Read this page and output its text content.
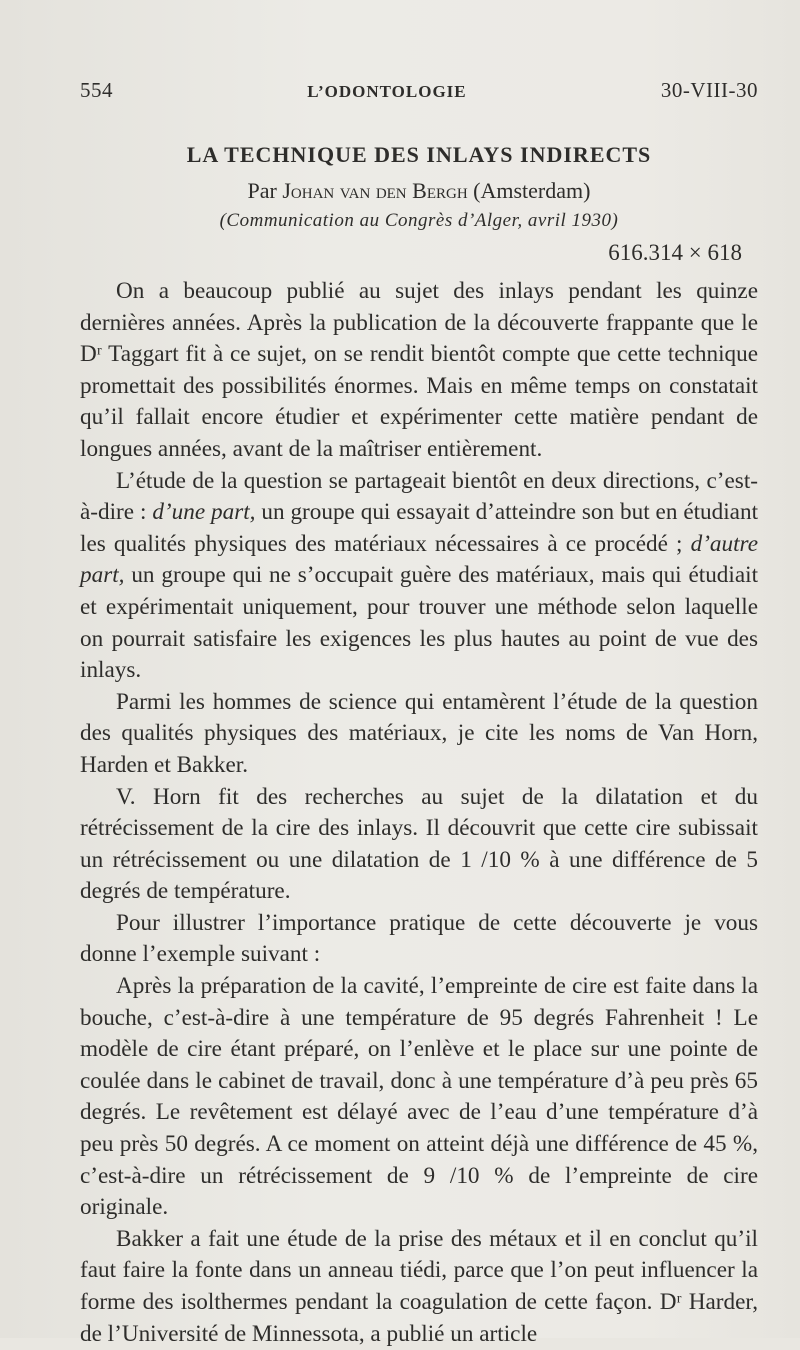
554	L’ODONTOLOGIE	30-VIII-30
LA TECHNIQUE DES INLAYS INDIRECTS
Par Johan van den Bergh (Amsterdam)
(Communication au Congrès d’Alger, avril 1930)
616.314 × 618

On a beaucoup publié au sujet des inlays pendant les quinze dernières années. Après la publication de la découverte frappante que le Dʳ Taggart fit à ce sujet, on se rendit bientôt compte que cette technique promettait des possibilités énormes. Mais en même temps on constatait qu’il fallait encore étudier et expérimenter cette matière pendant de longues années, avant de la maîtriser entièrement.

L’étude de la question se partageait bientôt en deux directions, c’est-à-dire : d’une part, un groupe qui essayait d’atteindre son but en étudiant les qualités physiques des matériaux nécessaires à ce procédé ; d’autre part, un groupe qui ne s’occupait guère des matériaux, mais qui étudiait et expérimentait uniquement, pour trouver une méthode selon laquelle on pourrait satisfaire les exigences les plus hautes au point de vue des inlays.

Parmi les hommes de science qui entamèrent l’étude de la question des qualités physiques des matériaux, je cite les noms de Van Horn, Harden et Bakker.

V. Horn fit des recherches au sujet de la dilatation et du rétrécissement de la cire des inlays. Il découvrit que cette cire subissait un rétrécissement ou une dilatation de 1 /10 % à une différence de 5 degrés de température.

Pour illustrer l’importance pratique de cette découverte je vous donne l’exemple suivant :

Après la préparation de la cavité, l’empreinte de cire est faite dans la bouche, c’est-à-dire à une température de 95 degrés Fahrenheit ! Le modèle de cire étant préparé, on l’enlève et le place sur une pointe de coulée dans le cabinet de travail, donc à une température d’à peu près 65 degrés. Le revêtement est délayé avec de l’eau d’une température d’à peu près 50 degrés. A ce moment on atteint déjà une différence de 45 %, c’est-à-dire un rétrécissement de 9 /10 % de l’empreinte de cire originale.

Bakker a fait une étude de la prise des métaux et il en conclut qu’il faut faire la fonte dans un anneau tiédi, parce que l’on peut influencer la forme des isolthermes pendant la coagulation de cette façon. Dʳ Harder, de l’Université de Minnessota, a publié un article
